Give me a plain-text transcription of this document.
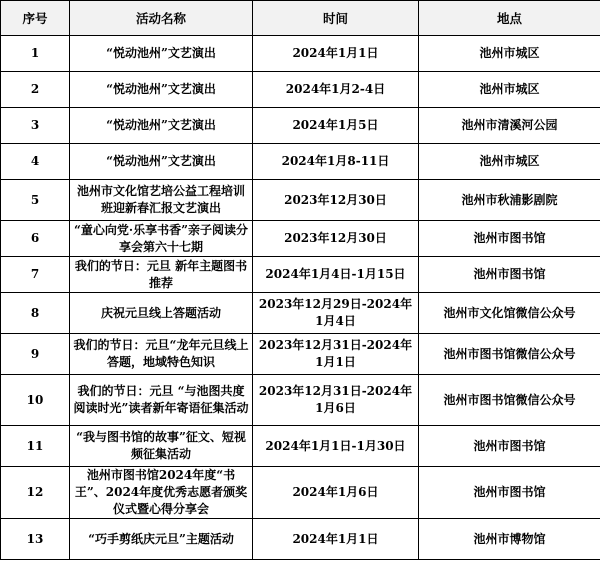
序号	活动名称	时间	地点
1	“悦动池州”文艺演出	2024年1月1日	池州市城区
2	“悦动池州”文艺演出	2024年1月2-4日	池州市城区
3	“悦动池州”文艺演出	2024年1月5日	池州市清溪河公园
4	“悦动池州”文艺演出	2024年1月8-11日	池州市城区
5	池州市文化馆艺培公益工程培训班迎新春汇报文艺演出	2023年12月30日	池州市秋浦影剧院
6	“童心向党·乐享书香”亲子阅读分享会第六十七期	2023年12月30日	池州市图书馆
7	我们的节日：元旦 新年主题图书推荐	2024年1月4日-1月15日	池州市图书馆
8	庆祝元旦线上答题活动	2023年12月29日-2024年1月4日	池州市文化馆微信公众号
9	我们的节日：元旦“龙年元旦线上答题，地域特色知识	2023年12月31日-2024年1月1日	池州市图书馆微信公众号
10	我们的节日：元旦 “与池图共度阅读时光”读者新年寄语征集活动	2023年12月31日-2024年1月6日	池州市图书馆微信公众号
11	“我与图书馆的故事”征文、短视频征集活动	2024年1月1日-1月30日	池州市图书馆
12	池州市图书馆2024年度“书王”、2024年度优秀志愿者颁奖仪式暨心得分享会	2024年1月6日	池州市图书馆
13	“巧手剪纸庆元旦”主题活动	2024年1月1日	池州市博物馆
